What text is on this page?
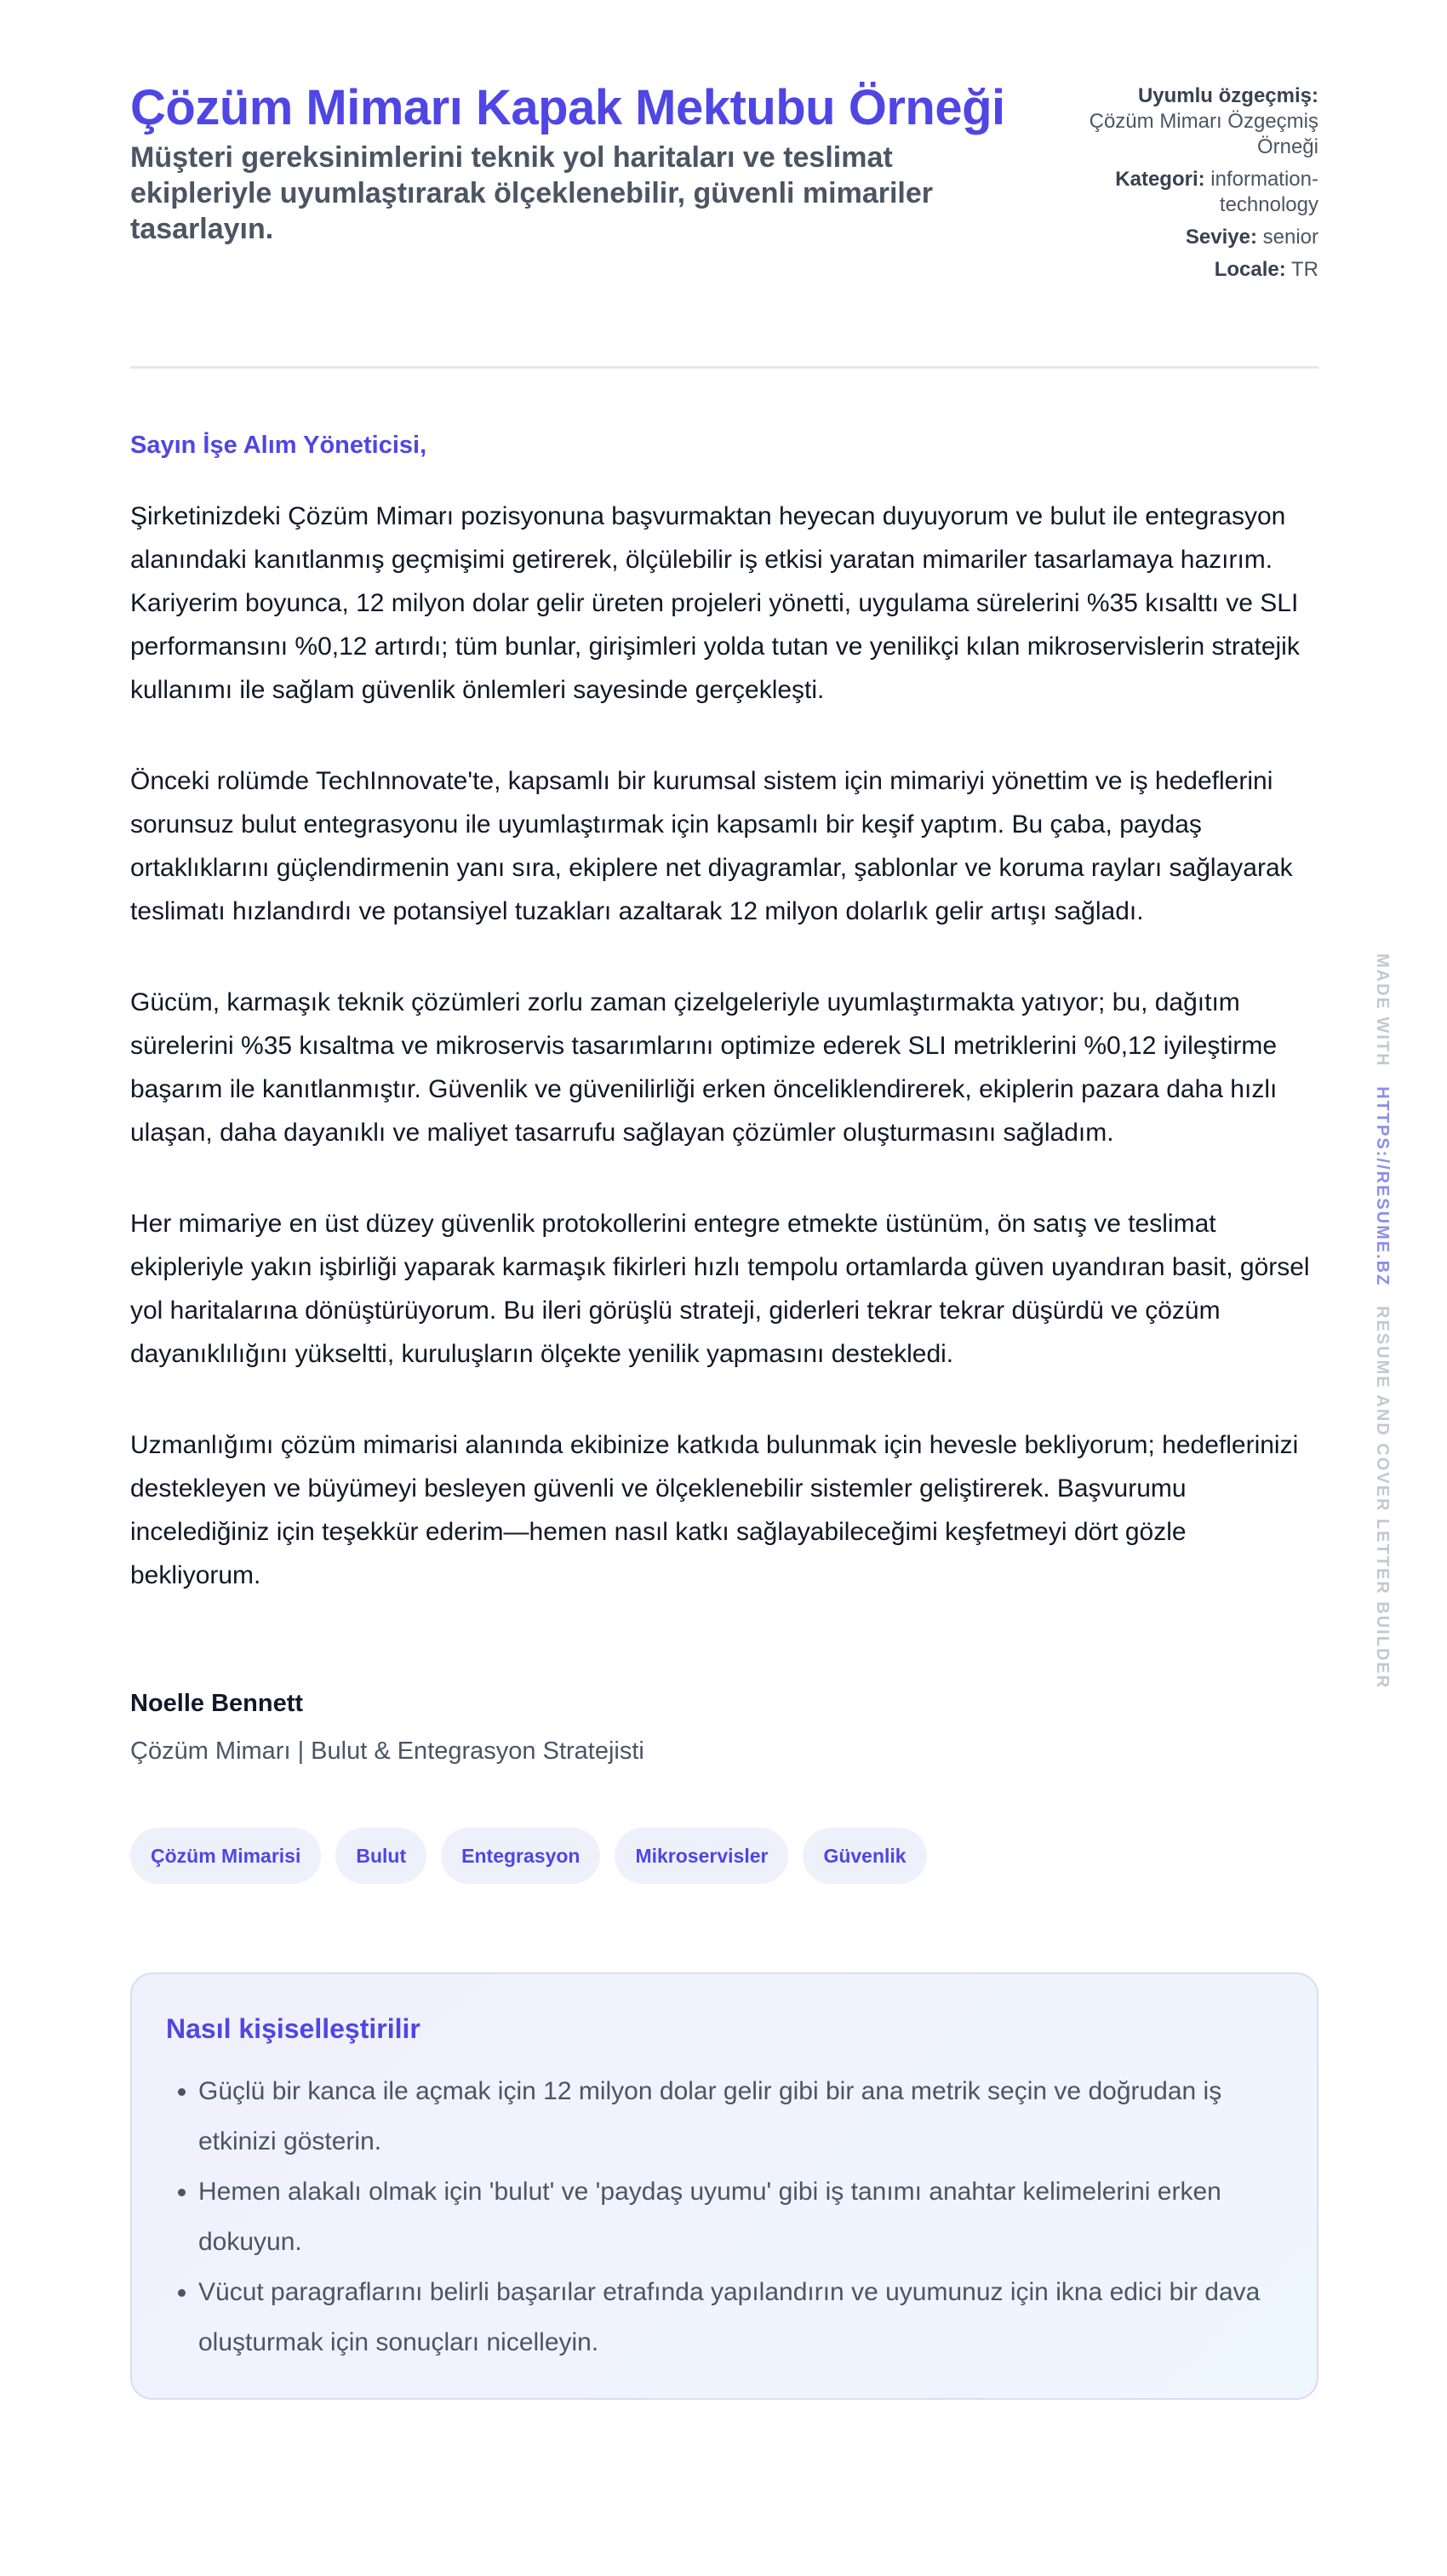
Çözüm Mimarı Kapak Mektubu Örneği
Müşteri gereksinimlerini teknik yol haritaları ve teslimat ekipleriyle uyumlaştırarak ölçeklenebilir, güvenli mimariler tasarlayın.
Uyumlu özgeçmiş:
Çözüm Mimarı Özgeçmiş Örneği
Kategori: information-technology
Seviye: senior
Locale: TR
Sayın İşe Alım Yöneticisi,

Şirketinizdeki Çözüm Mimarı pozisyonuna başvurmaktan heyecan duyuyorum ve bulut ile entegrasyon alanındaki kanıtlanmış geçmişimi getirerek, ölçülebilir iş etkisi yaratan mimariler tasarlamaya hazırım. Kariyerim boyunca, 12 milyon dolar gelir üreten projeleri yönetti, uygulama sürelerini %35 kısalttı ve SLI performansını %0,12 artırdı; tüm bunlar, girişimleri yolda tutan ve yenilikçi kılan mikroservislerin stratejik kullanımı ile sağlam güvenlik önlemleri sayesinde gerçekleşti.

Önceki rolümde TechInnovate'te, kapsamlı bir kurumsal sistem için mimariyi yönettim ve iş hedeflerini sorunsuz bulut entegrasyonu ile uyumlaştırmak için kapsamlı bir keşif yaptım. Bu çaba, paydaş ortaklıklarını güçlendirmenin yanı sıra, ekiplere net diyagramlar, şablonlar ve koruma rayları sağlayarak teslimatı hızlandırdı ve potansiyel tuzakları azaltarak 12 milyon dolarlık gelir artışı sağladı.

Gücüm, karmaşık teknik çözümleri zorlu zaman çizelgeleriyle uyumlaştırmakta yatıyor; bu, dağıtım sürelerini %35 kısaltma ve mikroservis tasarımlarını optimize ederek SLI metriklerini %0,12 iyileştirme başarım ile kanıtlanmıştır. Güvenlik ve güvenilirliği erken önceliklendirerek, ekiplerin pazara daha hızlı ulaşan, daha dayanıklı ve maliyet tasarrufu sağlayan çözümler oluşturmasını sağladım.

Her mimariye en üst düzey güvenlik protokollerini entegre etmekte üstünüm, ön satış ve teslimat ekipleriyle yakın işbirliği yaparak karmaşık fikirleri hızlı tempolu ortamlarda güven uyandıran basit, görsel yol haritalarına dönüştürüyorum. Bu ileri görüşlü strateji, giderleri tekrar tekrar düşürdü ve çözüm dayanıklılığını yükseltti, kuruluşların ölçekte yenilik yapmasını destekledi.

Uzmanlığımı çözüm mimarisi alanında ekibinize katkıda bulunmak için hevesle bekliyorum; hedeflerinizi destekleyen ve büyümeyi besleyen güvenli ve ölçeklenebilir sistemler geliştirerek. Başvurumu incelediğiniz için teşekkür ederim—hemen nasıl katkı sağlayabileceğimi keşfetmeyi dört gözle bekliyorum.

Noelle Bennett
Çözüm Mimarı | Bulut & Entegrasyon Stratejisti
Çözüm Mimarisi	Bulut	Entegrasyon	Mikroservisler	Güvenlik
Nasıl kişiselleştirilir
• Güçlü bir kanca ile açmak için 12 milyon dolar gelir gibi bir ana metrik seçin ve doğrudan iş etkinizi gösterin.
• Hemen alakalı olmak için 'bulut' ve 'paydaş uyumu' gibi iş tanımı anahtar kelimelerini erken dokuyun.
• Vücut paragraflarını belirli başarılar etrafında yapılandırın ve uyumunuz için ikna edici bir dava oluşturmak için sonuçları nicelleyin.
MADE WITH   HTTPS://RESUME.BZ   RESUME AND COVER LETTER BUILDER
